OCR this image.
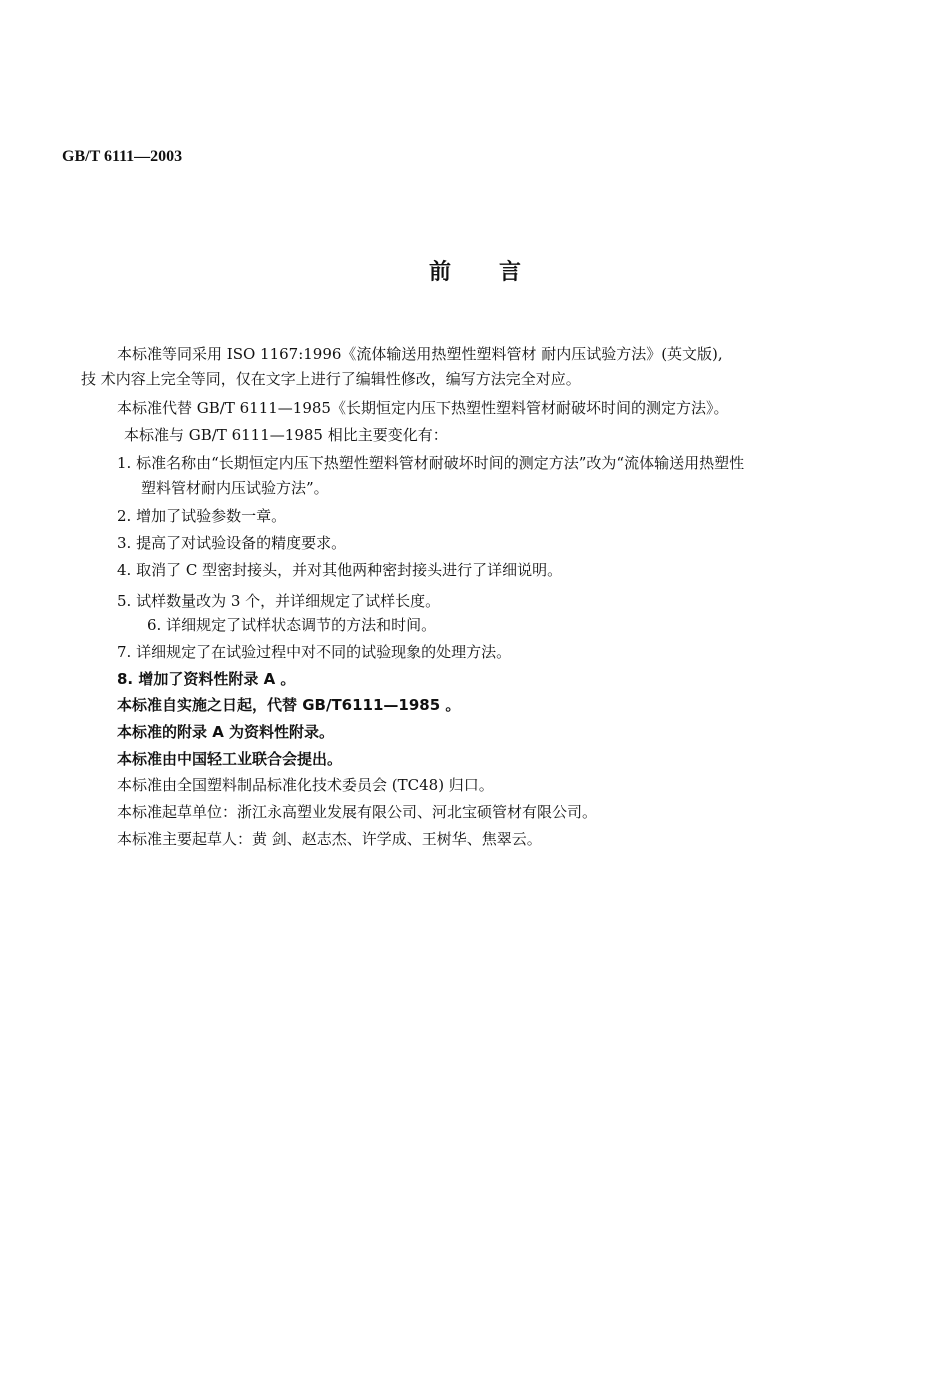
GB/T 6111—2003
前言
本标准等同采用 ISO 1167:1996《流体输送用热塑性塑料管材 耐内压试验方法》(英文版),
技 术内容上完全等同，仅在文字上进行了编辑性修改，编写方法完全对应。
本标准代替 GB/T 6111—1985《长期恒定内压下热塑性塑料管材耐破坏时间的测定方法》。
本标准与 GB/T 6111—1985 相比主要变化有：
1. 标准名称由“长期恒定内压下热塑性塑料管材耐破坏时间的测定方法”改为“流体输送用热塑性
塑料管材耐内压试验方法”。
2. 增加了试验参数一章。
3. 提高了对试验设备的精度要求。
4. 取消了 C 型密封接头，并对其他两种密封接头进行了详细说明。
5. 试样数量改为 3 个，并详细规定了试样长度。
6. 详细规定了试样状态调节的方法和时间。
7. 详细规定了在试验过程中对不同的试验现象的处理方法。
8. 增加了资料性附录 A 。
本标准自实施之日起，代替 GB/T6111—1985 。
本标准的附录 A 为资料性附录。
本标准由中国轻工业联合会提出。
本标准由全国塑料制品标准化技术委员会 (TC48) 归口。
本标准起草单位：浙江永高塑业发展有限公司、河北宝硕管材有限公司。
本标准主要起草人：黄 剑、赵志杰、许学成、王树华、焦翠云。
